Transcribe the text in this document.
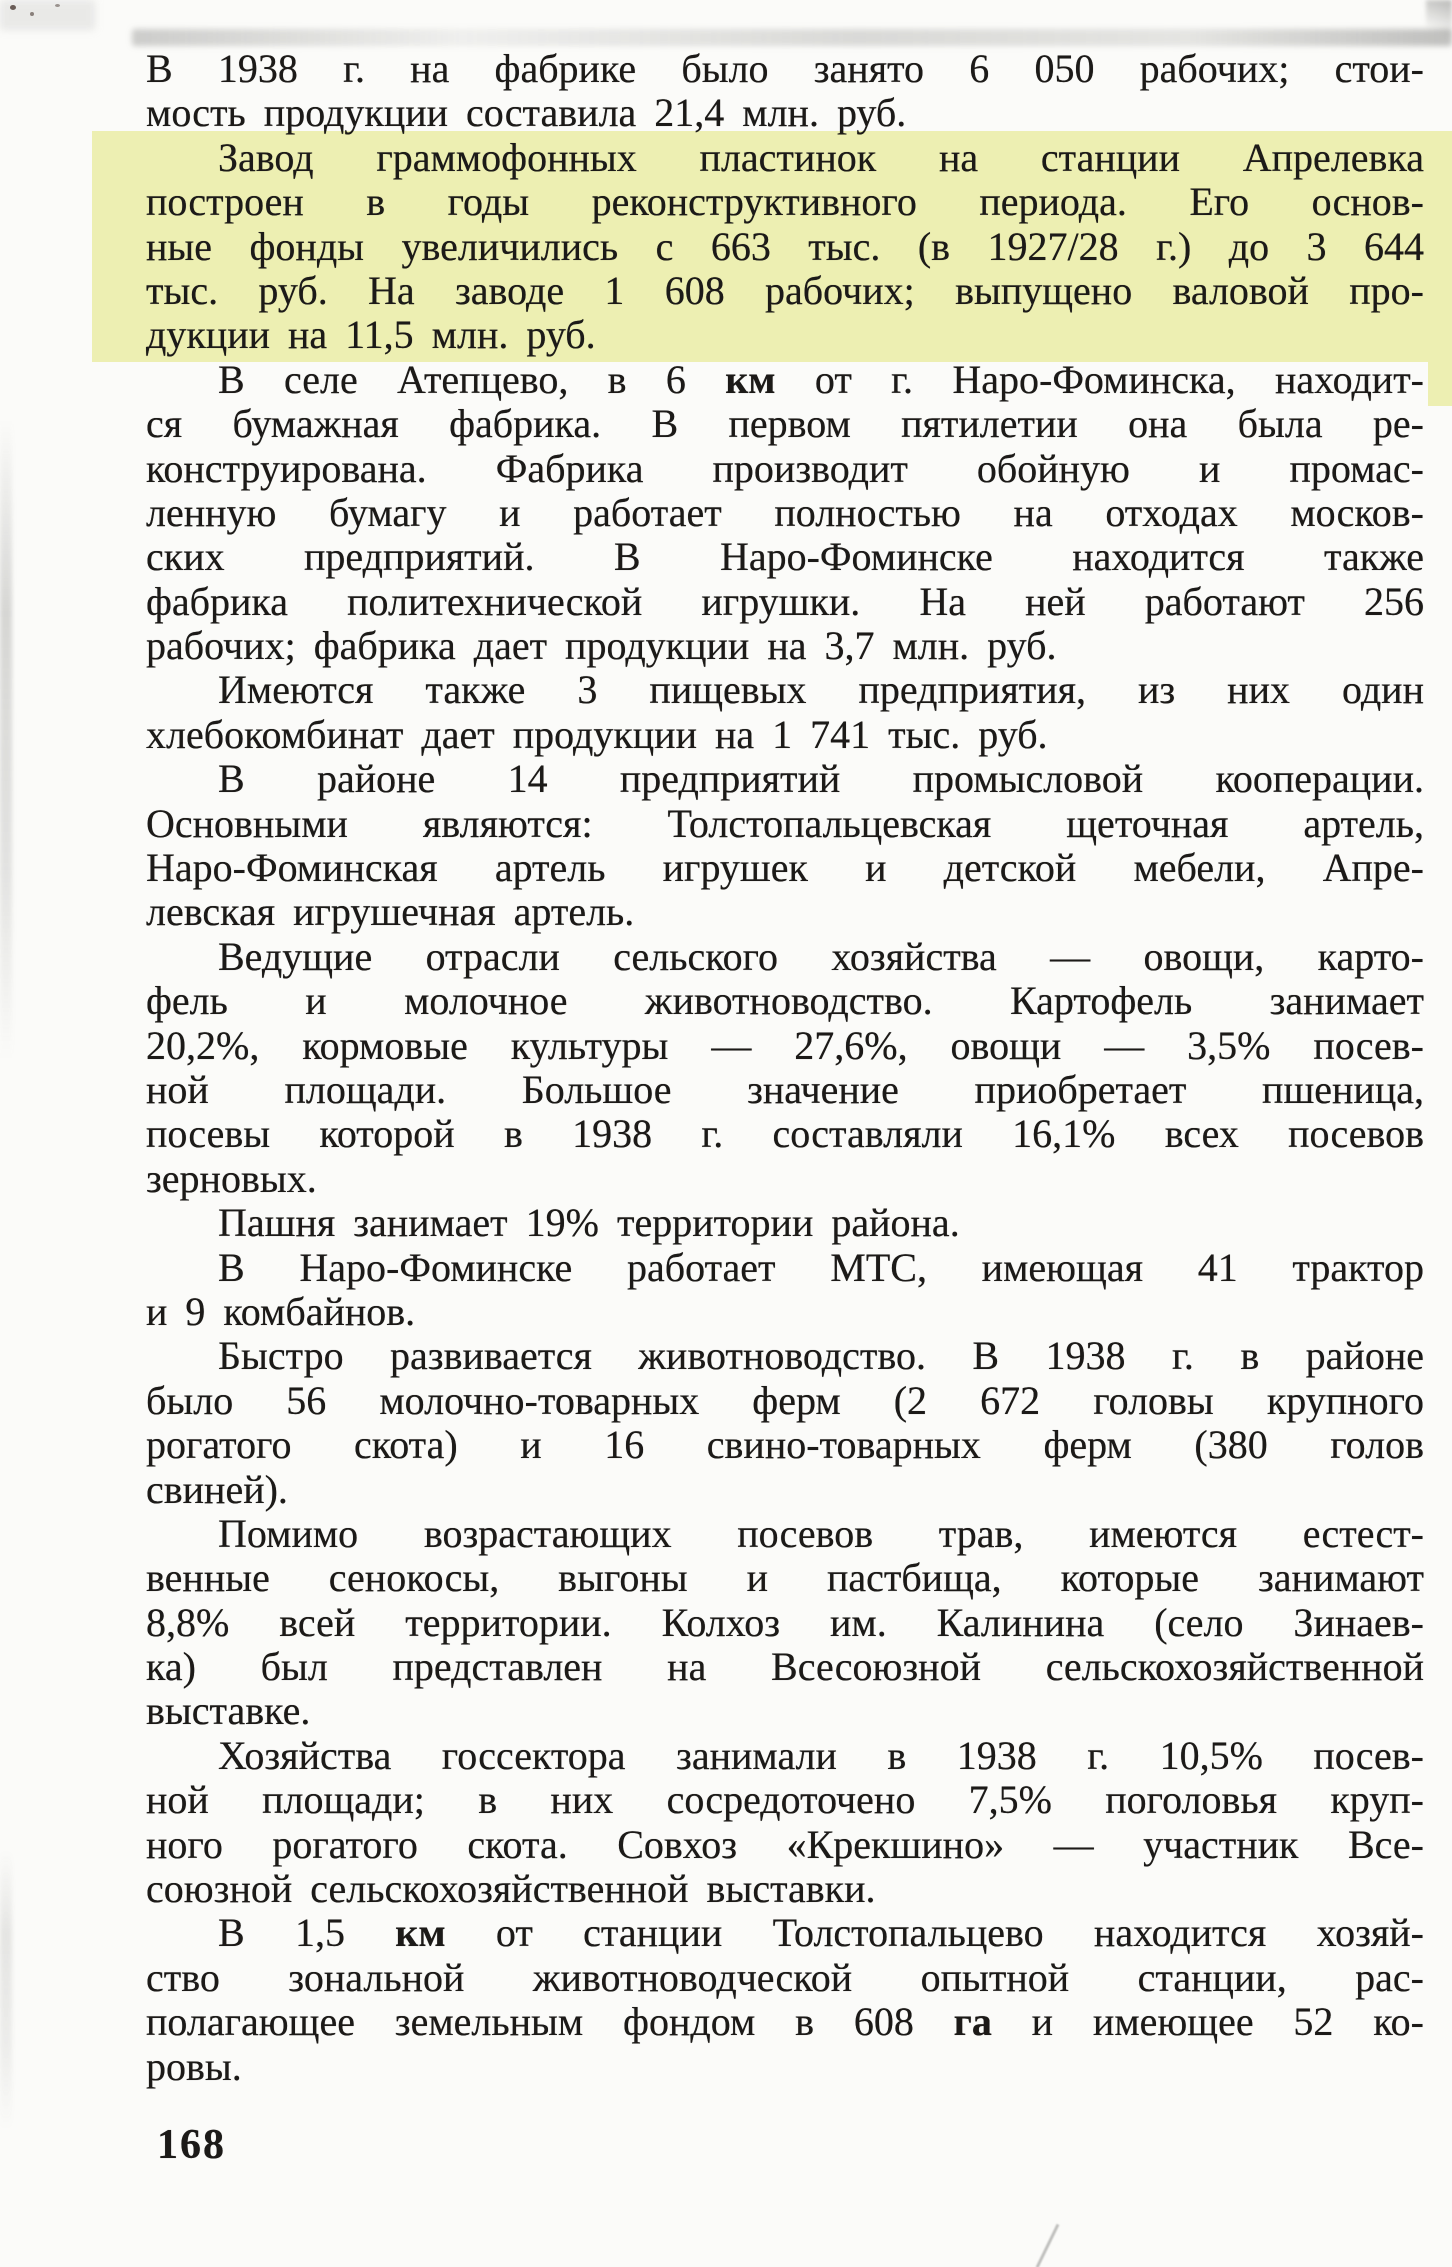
В 1938 г. на фабрике было занято 6 050 рабочих; стои-
мость продукции составила 21,4 млн. руб.
Завод граммофонных пластинок на станции Апрелевка
построен в годы реконструктивного периода. Его основ-
ные фонды увеличились с 663 тыс. (в 1927/28 г.) до 3 644
тыс. руб. На заводе 1 608 рабочих; выпущено валовой про-
дукции на 11,5 млн. руб.
В селе Атепцево, в 6 км от г. Наро-Фоминска, находит-
ся бумажная фабрика. В первом пятилетии она была ре-
конструирована. Фабрика производит обойную и промас-
ленную бумагу и работает полностью на отходах москов-
ских предприятий. В Наро-Фоминске находится также
фабрика политехнической игрушки. На ней работают 256
рабочих; фабрика дает продукции на 3,7 млн. руб.
Имеются также 3 пищевых предприятия, из них один
хлебокомбинат дает продукции на 1 741 тыс. руб.
В районе 14 предприятий промысловой кооперации.
Основными являются: Толстопальцевская щеточная артель,
Наро-Фоминская артель игрушек и детской мебели, Апре-
левская игрушечная артель.
Ведущие отрасли сельского хозяйства — овощи, карто-
фель и молочное животноводство. Картофель занимает
20,2%, кормовые культуры — 27,6%, овощи — 3,5% посев-
ной площади. Большое значение приобретает пшеница,
посевы которой в 1938 г. составляли 16,1% всех посевов
зерновых.
Пашня занимает 19% территории района.
В Наро-Фоминске работает МТС, имеющая 41 трактор
и 9 комбайнов.
Быстро развивается животноводство. В 1938 г. в районе
было 56 молочно-товарных ферм (2 672 головы крупного
рогатого скота) и 16 свино-товарных ферм (380 голов
свиней).
Помимо возрастающих посевов трав, имеются естест-
венные сенокосы, выгоны и пастбища, которые занимают
8,8% всей территории. Колхоз им. Калинина (село Зинаев-
ка) был представлен на Всесоюзной сельскохозяйственной
выставке.
Хозяйства госсектора занимали в 1938 г. 10,5% посев-
ной площади; в них сосредоточено 7,5% поголовья круп-
ного рогатого скота. Совхоз «Крекшино» — участник Все-
союзной сельскохозяйственной выставки.
В 1,5 км от станции Толстопальцево находится хозяй-
ство зональной животноводческой опытной станции, рас-
полагающее земельным фондом в 608 га и имеющее 52 ко-
ровы.
168
